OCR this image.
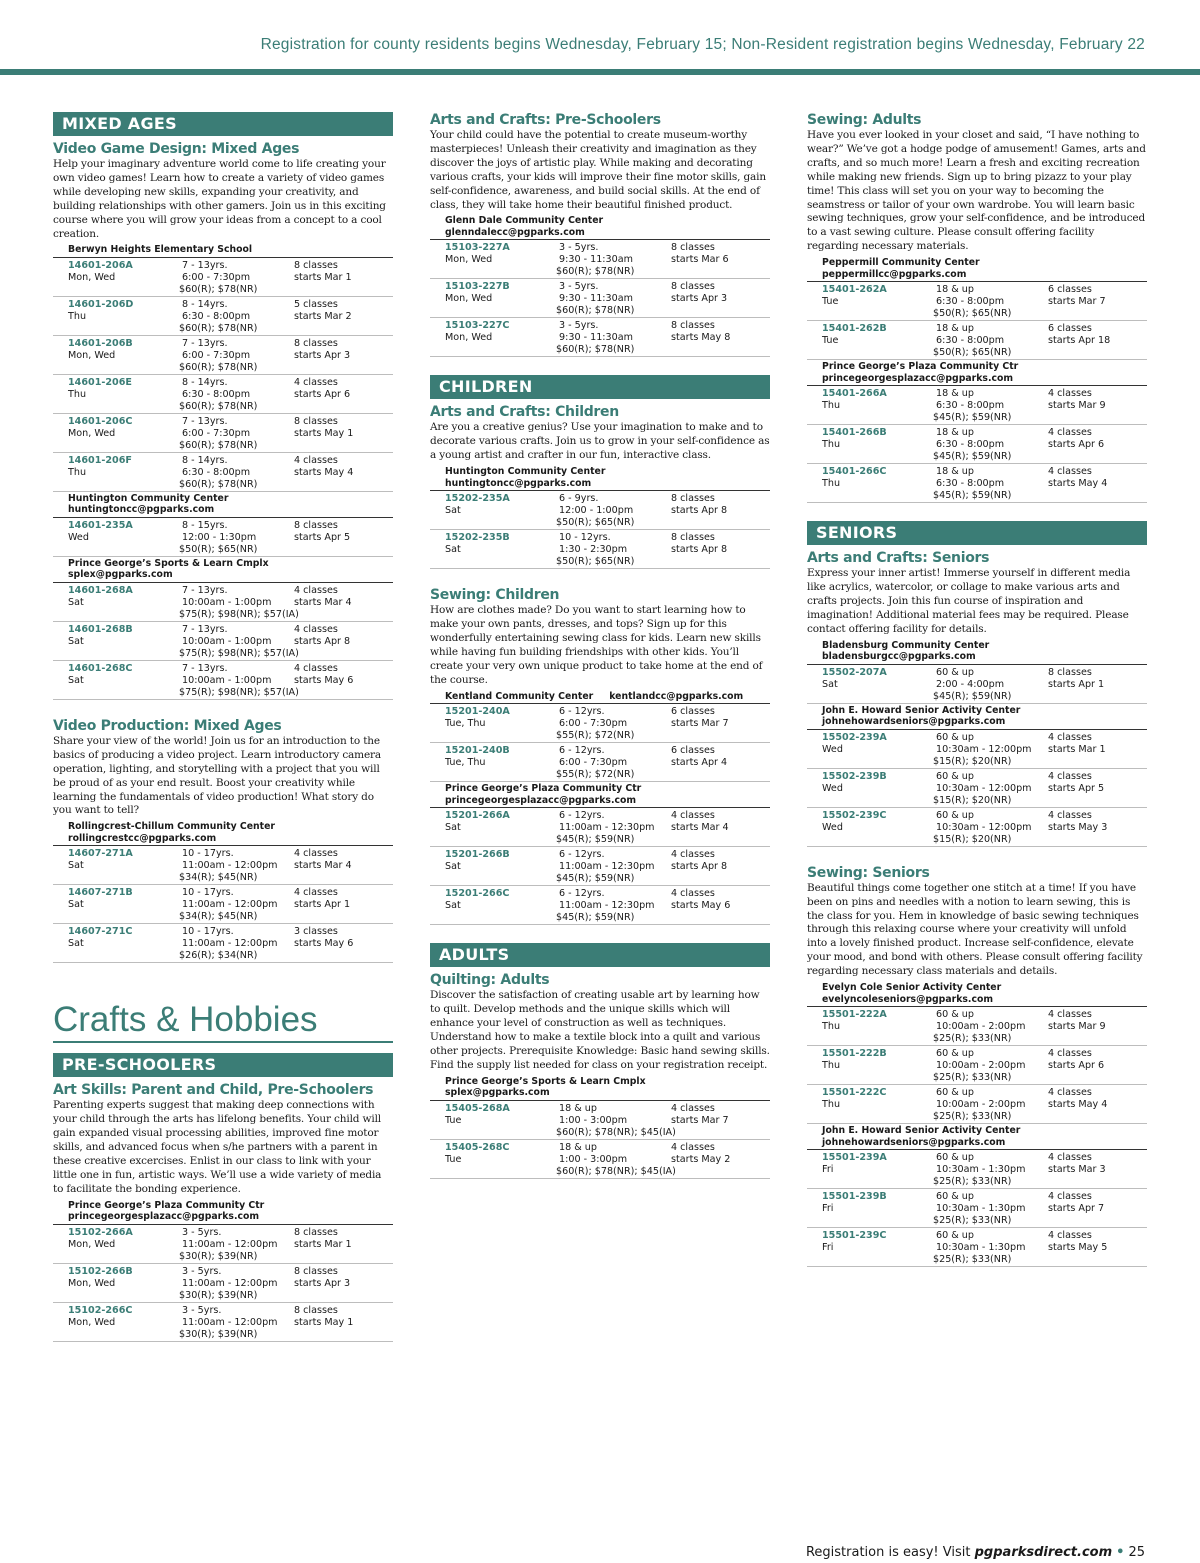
Registration for county residents begins Wednesday, February 15; Non-Resident registration begins Wednesday, February 22
MIXED AGES
Video Game Design: Mixed Ages
Help your imaginary adventure world come to life creating your own video games! Learn how to create a variety of video games while developing new skills, expanding your creativity, and building relationships with other gamers. Join us in this exciting course where you will grow your ideas from a concept to a cool creation.
Berwyn Heights Elementary School
14601-206A
Mon, Wed
7 - 13yrs.
6:00 - 7:30pm
$60(R); $78(NR)
8 classes
starts Mar 1
14601-206D
Thu
8 - 14yrs.
6:30 - 8:00pm
$60(R); $78(NR)
5 classes
starts Mar 2
14601-206B
Mon, Wed
7 - 13yrs.
6:00 - 7:30pm
$60(R); $78(NR)
8 classes
starts Apr 3
14601-206E
Thu
8 - 14yrs.
6:30 - 8:00pm
$60(R); $78(NR)
4 classes
starts Apr 6
14601-206C
Mon, Wed
7 - 13yrs.
6:00 - 7:30pm
$60(R); $78(NR)
8 classes
starts May 1
14601-206F
Thu
8 - 14yrs.
6:30 - 8:00pm
$60(R); $78(NR)
4 classes
starts May 4
Huntington Community Center
huntingtoncc@pgparks.com
14601-235A
Wed
8 - 15yrs.
12:00 - 1:30pm
$50(R); $65(NR)
8 classes
starts Apr 5
Prince George’s Sports & Learn Cmplx
splex@pgparks.com
14601-268A
Sat
7 - 13yrs.
10:00am - 1:00pm
$75(R); $98(NR); $57(IA)
4 classes
starts Mar 4
14601-268B
Sat
7 - 13yrs.
10:00am - 1:00pm
$75(R); $98(NR); $57(IA)
4 classes
starts Apr 8
14601-268C
Sat
7 - 13yrs.
10:00am - 1:00pm
$75(R); $98(NR); $57(IA)
4 classes
starts May 6
Video Production: Mixed Ages
Share your view of the world! Join us for an introduction to the basics of producing a video project. Learn introductory camera operation, lighting, and storytelling with a project that you will be proud of as your end result. Boost your creativity while learning the fundamentals of video production! What story do you want to tell?
Rollingcrest-Chillum Community Center
rollingcrestcc@pgparks.com
14607-271A
Sat
10 - 17yrs.
11:00am - 12:00pm
$34(R); $45(NR)
4 classes
starts Mar 4
14607-271B
Sat
10 - 17yrs.
11:00am - 12:00pm
$34(R); $45(NR)
4 classes
starts Apr 1
14607-271C
Sat
10 - 17yrs.
11:00am - 12:00pm
$26(R); $34(NR)
3 classes
starts May 6
Crafts & Hobbies
PRE-SCHOOLERS
Art Skills: Parent and Child, Pre-Schoolers
Parenting experts suggest that making deep connections with your child through the arts has lifelong benefits. Your child will gain expanded visual processing abilities, improved fine motor skills, and advanced focus when s/he partners with a parent in these creative excercises. Enlist in our class to link with your little one in fun, artistic ways. We’ll use a wide variety of media to facilitate the bonding experience.
Prince George’s Plaza Community Ctr
princegeorgesplazacc@pgparks.com
15102-266A
Mon, Wed
3 - 5yrs.
11:00am - 12:00pm
$30(R); $39(NR)
8 classes
starts Mar 1
15102-266B
Mon, Wed
3 - 5yrs.
11:00am - 12:00pm
$30(R); $39(NR)
8 classes
starts Apr 3
15102-266C
Mon, Wed
3 - 5yrs.
11:00am - 12:00pm
$30(R); $39(NR)
8 classes
starts May 1
Arts and Crafts: Pre-Schoolers
Your child could have the potential to create museum-worthy masterpieces! Unleash their creativity and imagination as they discover the joys of artistic play. While making and decorating various crafts, your kids will improve their fine motor skills, gain self-confidence, awareness, and build social skills. At the end of class, they will take home their beautiful finished product.
Glenn Dale Community Center
glenndalecc@pgparks.com
15103-227A
Mon, Wed
3 - 5yrs.
9:30 - 11:30am
$60(R); $78(NR)
8 classes
starts Mar 6
15103-227B
Mon, Wed
3 - 5yrs.
9:30 - 11:30am
$60(R); $78(NR)
8 classes
starts Apr 3
15103-227C
Mon, Wed
3 - 5yrs.
9:30 - 11:30am
$60(R); $78(NR)
8 classes
starts May 8
CHILDREN
Arts and Crafts: Children
Are you a creative genius? Use your imagination to make and to decorate various crafts. Join us to grow in your self-confidence as a young artist and crafter in our fun, interactive class.
Huntington Community Center
huntingtoncc@pgparks.com
15202-235A
Sat
6 - 9yrs.
12:00 - 1:00pm
$50(R); $65(NR)
8 classes
starts Apr 8
15202-235B
Sat
10 - 12yrs.
1:30 - 2:30pm
$50(R); $65(NR)
8 classes
starts Apr 8
Sewing: Children
How are clothes made? Do you want to start learning how to make your own pants, dresses, and tops? Sign up for this wonderfully entertaining sewing class for kids. Learn new skills while having fun building friendships with other kids. You’ll create your very own unique product to take home at the end of the course.
Kentland Community Center kentlandcc@pgparks.com
15201-240A
Tue, Thu
6 - 12yrs.
6:00 - 7:30pm
$55(R); $72(NR)
6 classes
starts Mar 7
15201-240B
Tue, Thu
6 - 12yrs.
6:00 - 7:30pm
$55(R); $72(NR)
6 classes
starts Apr 4
Prince George’s Plaza Community Ctr
princegeorgesplazacc@pgparks.com
15201-266A
Sat
6 - 12yrs.
11:00am - 12:30pm
$45(R); $59(NR)
4 classes
starts Mar 4
15201-266B
Sat
6 - 12yrs.
11:00am - 12:30pm
$45(R); $59(NR)
4 classes
starts Apr 8
15201-266C
Sat
6 - 12yrs.
11:00am - 12:30pm
$45(R); $59(NR)
4 classes
starts May 6
ADULTS
Quilting: Adults
Discover the satisfaction of creating usable art by learning how to quilt. Develop methods and the unique skills which will enhance your level of construction as well as techniques. Understand how to make a textile block into a quilt and various other projects. Prerequisite Knowledge: Basic hand sewing skills. Find the supply list needed for class on your registration receipt.
Prince George’s Sports & Learn Cmplx
splex@pgparks.com
15405-268A
Tue
18 & up
1:00 - 3:00pm
$60(R); $78(NR); $45(IA)
4 classes
starts Mar 7
15405-268C
Tue
18 & up
1:00 - 3:00pm
$60(R); $78(NR); $45(IA)
4 classes
starts May 2
Sewing: Adults
Have you ever looked in your closet and said, “I have nothing to wear?” We’ve got a hodge podge of amusement! Games, arts and crafts, and so much more! Learn a fresh and exciting recreation while making new friends. Sign up to bring pizazz to your play time! This class will set you on your way to becoming the seamstress or tailor of your own wardrobe. You will learn basic sewing techniques, grow your self-confidence, and be introduced to a vast sewing culture. Please consult offering facility regarding necessary materials.
Peppermill Community Center
peppermillcc@pgparks.com
15401-262A
Tue
18 & up
6:30 - 8:00pm
$50(R); $65(NR)
6 classes
starts Mar 7
15401-262B
Tue
18 & up
6:30 - 8:00pm
$50(R); $65(NR)
6 classes
starts Apr 18
Prince George’s Plaza Community Ctr
princegeorgesplazacc@pgparks.com
15401-266A
Thu
18 & up
6:30 - 8:00pm
$45(R); $59(NR)
4 classes
starts Mar 9
15401-266B
Thu
18 & up
6:30 - 8:00pm
$45(R); $59(NR)
4 classes
starts Apr 6
15401-266C
Thu
18 & up
6:30 - 8:00pm
$45(R); $59(NR)
4 classes
starts May 4
SENIORS
Arts and Crafts: Seniors
Express your inner artist! Immerse yourself in different media like acrylics, watercolor, or collage to make various arts and crafts projects. Join this fun course of inspiration and imagination! Additional material fees may be required. Please contact offering facility for details.
Bladensburg Community Center
bladensburgcc@pgparks.com
15502-207A
Sat
60 & up
2:00 - 4:00pm
$45(R); $59(NR)
8 classes
starts Apr 1
John E. Howard Senior Activity Center
johnehowardseniors@pgparks.com
15502-239A
Wed
60 & up
10:30am - 12:00pm
$15(R); $20(NR)
4 classes
starts Mar 1
15502-239B
Wed
60 & up
10:30am - 12:00pm
$15(R); $20(NR)
4 classes
starts Apr 5
15502-239C
Wed
60 & up
10:30am - 12:00pm
$15(R); $20(NR)
4 classes
starts May 3
Sewing: Seniors
Beautiful things come together one stitch at a time! If you have been on pins and needles with a notion to learn sewing, this is the class for you. Hem in knowledge of basic sewing techniques through this relaxing course where your creativity will unfold into a lovely finished product. Increase self-confidence, elevate your mood, and bond with others. Please consult offering facility regarding necessary class materials and details.
Evelyn Cole Senior Activity Center
evelyncoleseniors@pgparks.com
15501-222A
Thu
60 & up
10:00am - 2:00pm
$25(R); $33(NR)
4 classes
starts Mar 9
15501-222B
Thu
60 & up
10:00am - 2:00pm
$25(R); $33(NR)
4 classes
starts Apr 6
15501-222C
Thu
60 & up
10:00am - 2:00pm
$25(R); $33(NR)
4 classes
starts May 4
John E. Howard Senior Activity Center
johnehowardseniors@pgparks.com
15501-239A
Fri
60 & up
10:30am - 1:30pm
$25(R); $33(NR)
4 classes
starts Mar 3
15501-239B
Fri
60 & up
10:30am - 1:30pm
$25(R); $33(NR)
4 classes
starts Apr 7
15501-239C
Fri
60 & up
10:30am - 1:30pm
$25(R); $33(NR)
4 classes
starts May 5
Registration is easy! Visit pgparksdirect.com • 25
